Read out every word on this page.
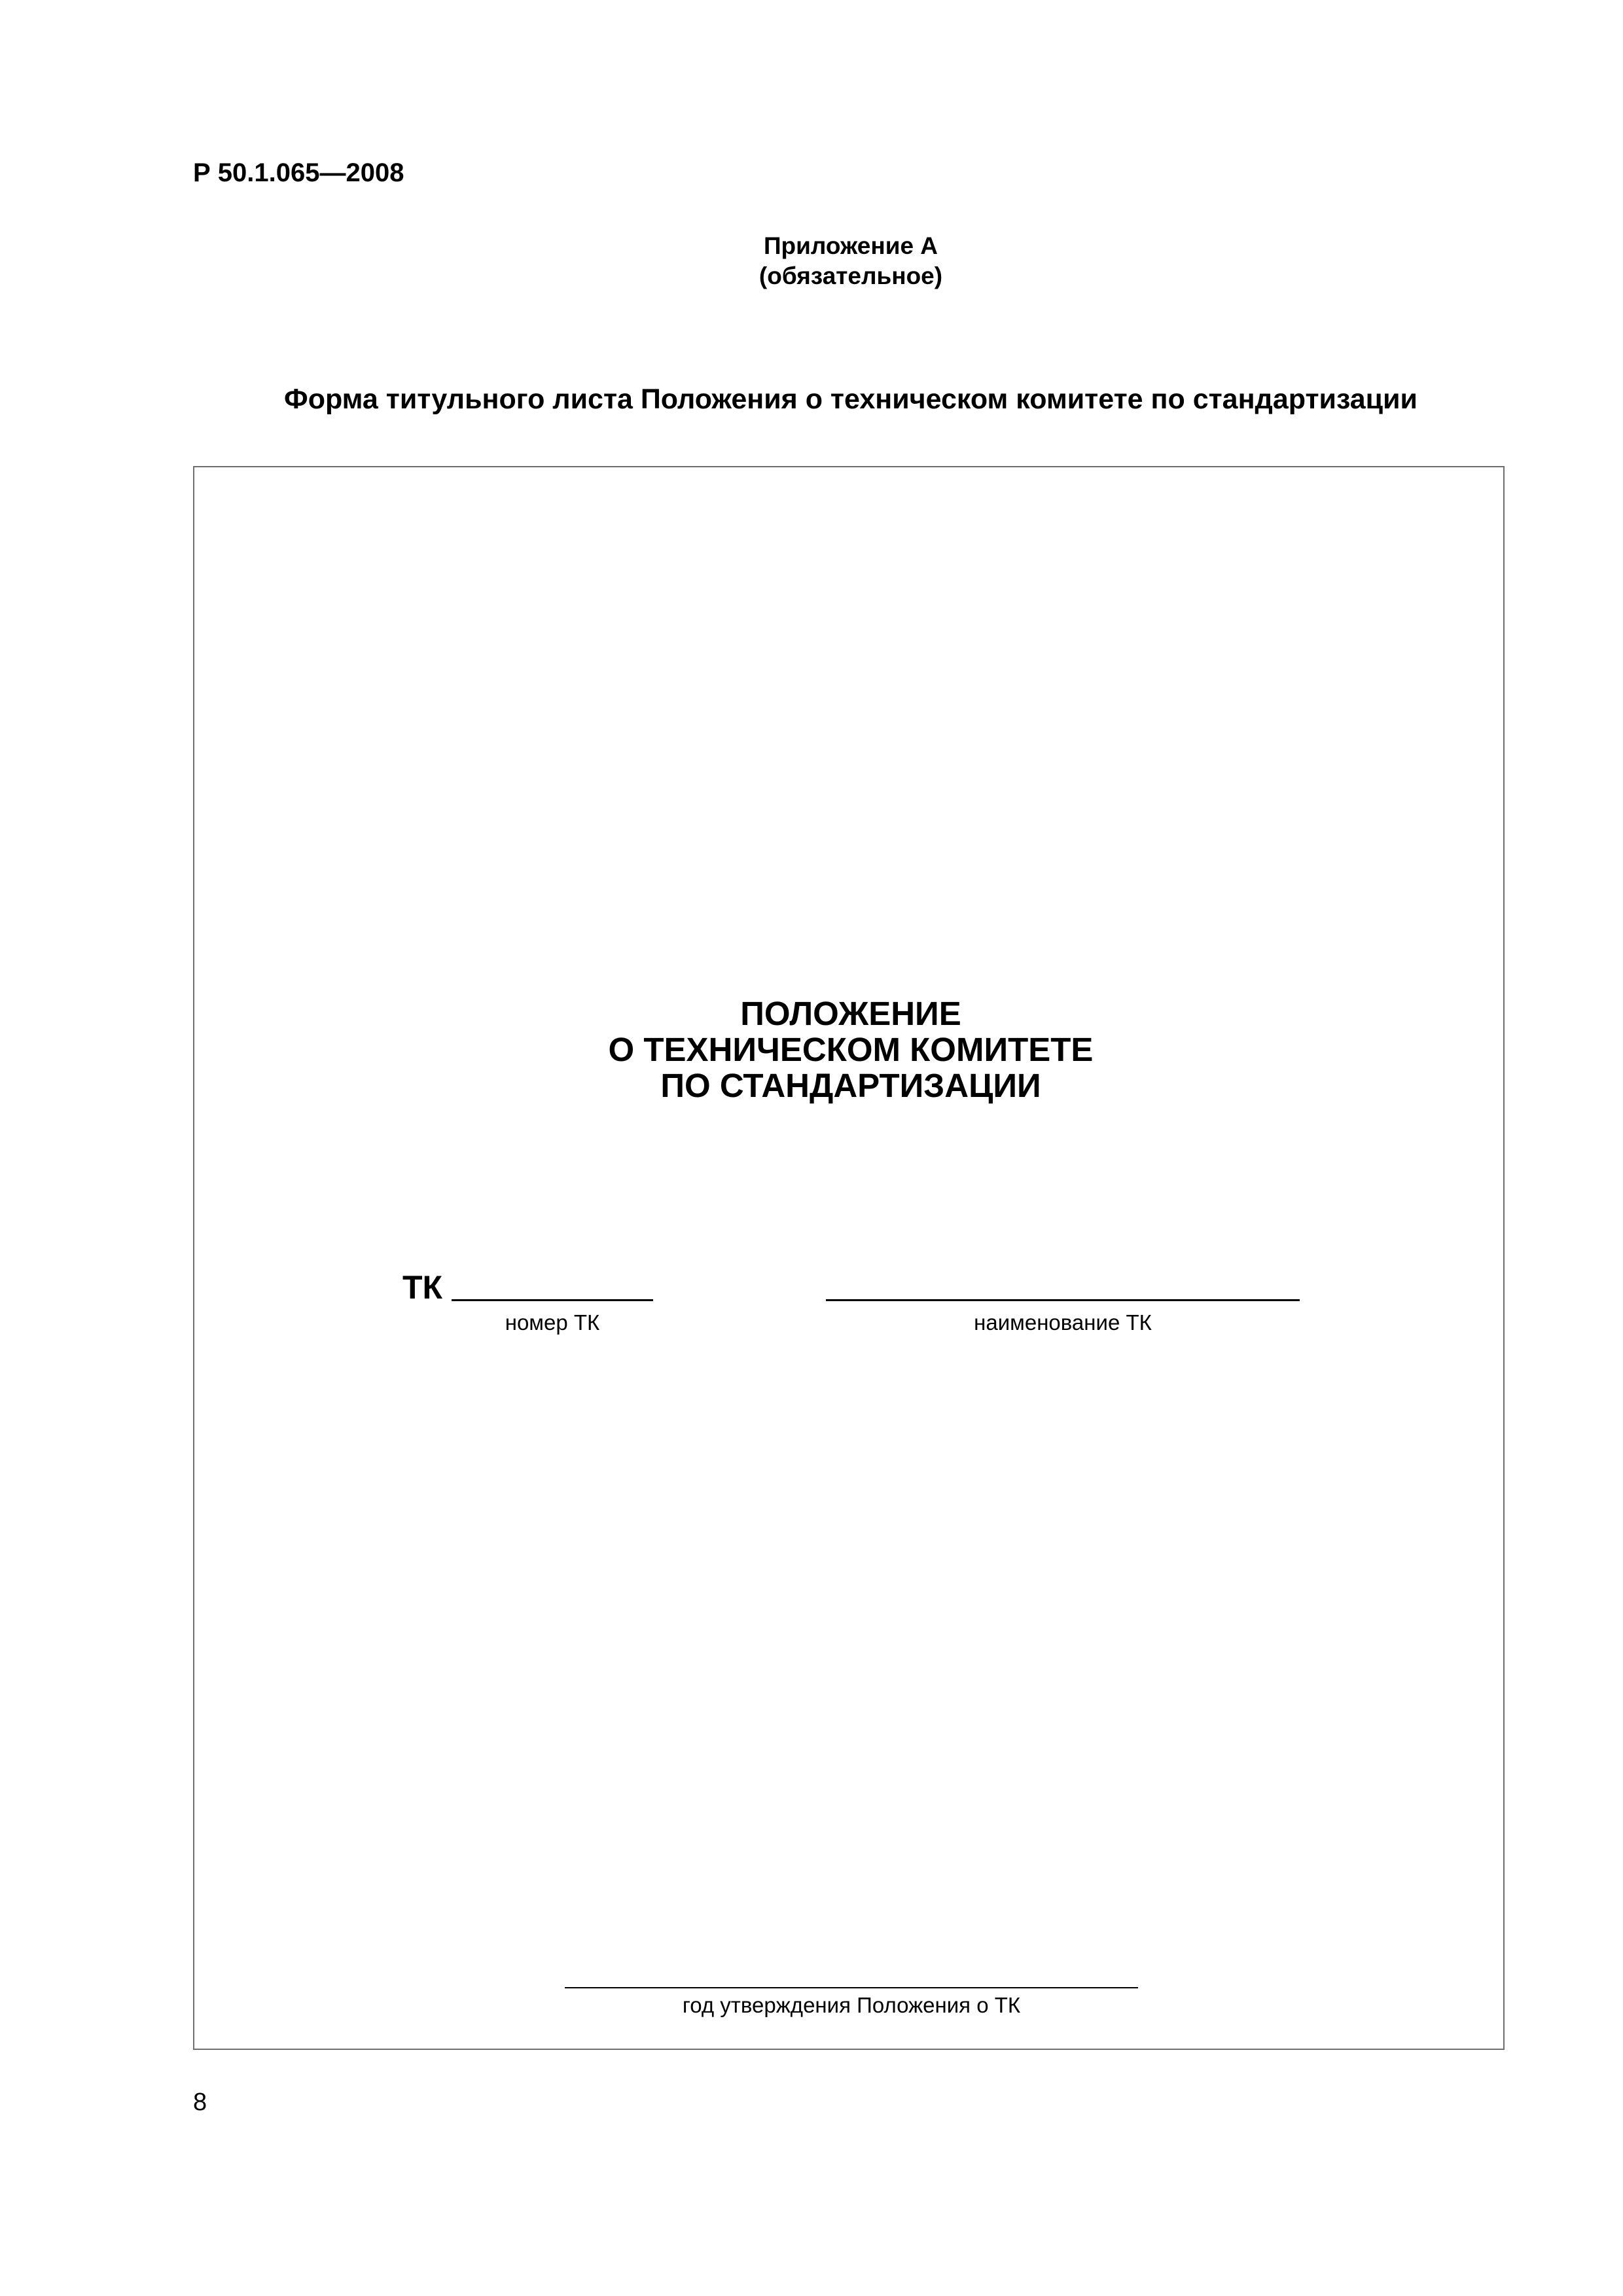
Р 50.1.065—2008
Приложение А
(обязательное)
Форма титульного листа Положения о техническом комитете по стандартизации
ПОЛОЖЕНИЕ
О ТЕХНИЧЕСКОМ КОМИТЕТЕ
ПО СТАНДАРТИЗАЦИИ
ТК
номер ТК	наименование ТК
год утверждения Положения о ТК
8
